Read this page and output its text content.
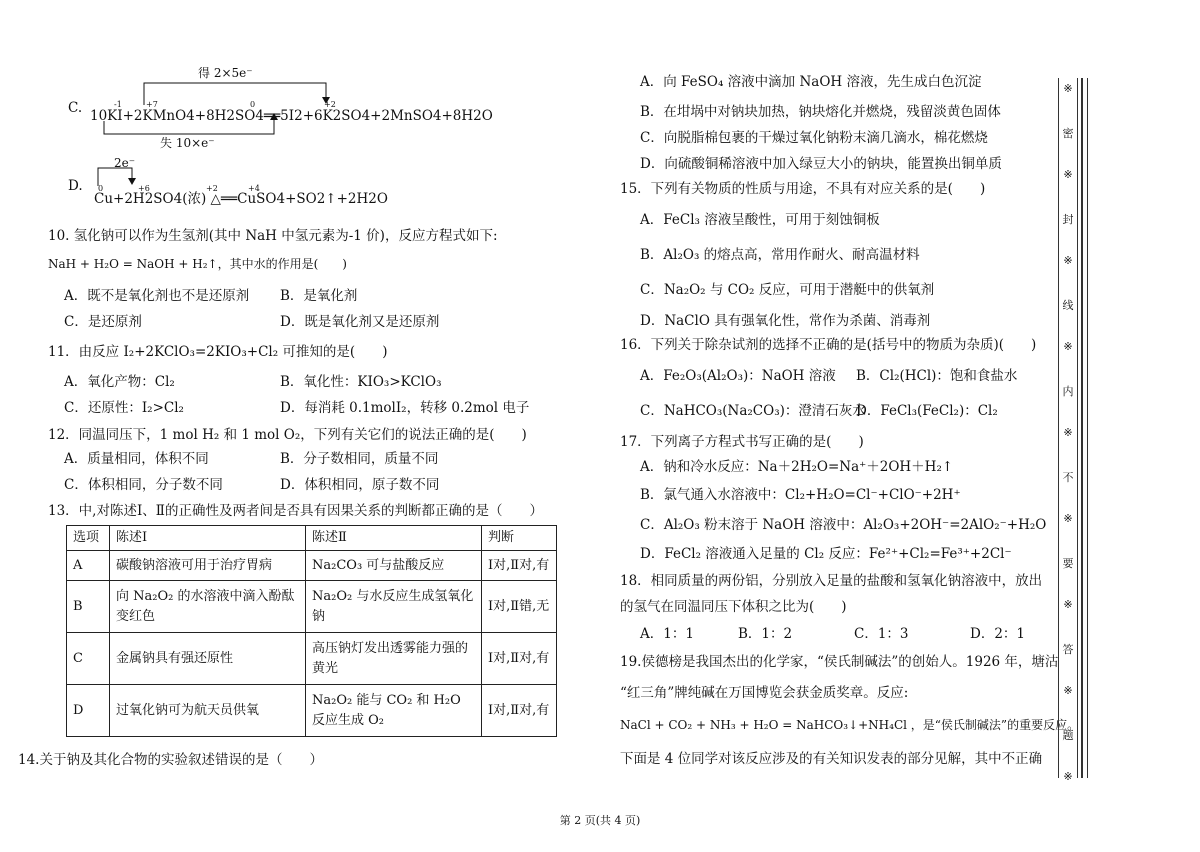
得 2×5e⁻
-1	+7	0	+2
C. 10KI+2KMnO4+8H2SO4══5I2+6K2SO4+2MnSO4+8H2O
失 10×e⁻
2e⁻
0	+6	+2	+4
D.
Cu+2H2SO4(浓) △══CuSO4+SO2↑+2H2O
10. 氢化钠可以作为生氢剂(其中 NaH 中氢元素为-1 价)，反应方程式如下:
NaH + H₂O = NaOH + H₂↑，其中水的作用是(　　)
A．既不是氧化剂也不是还原剂 B．是氧化剂
C．是还原剂	D．既是氧化剂又是还原剂
11．由反应 I₂+2KClO₃=2KIO₃+Cl₂ 可推知的是(　　)
A．氧化产物：Cl₂	B．氧化性：KIO₃>KClO₃
C．还原性：I₂>Cl₂	D．每消耗 0.1molI₂，转移 0.2mol 电子
12．同温同压下，1 mol H₂ 和 1 mol O₂，下列有关它们的说法正确的是(　　)
A．质量相同，体积不同	B．分子数相同，质量不同
C．体积相同，分子数不同	D．体积相同，原子数不同
13．中,对陈述Ⅰ、Ⅱ的正确性及两者间是否具有因果关系的判断都正确的是（　　）
选项	陈述Ⅰ	陈述Ⅱ	判断
A	碳酸钠溶液可用于治疗胃病	Na₂CO₃ 可与盐酸反应	Ⅰ对,Ⅱ对,有
B	向 Na₂O₂ 的水溶液中滴入酚酞变红色	Na₂O₂ 与水反应生成氢氧化钠	Ⅰ对,Ⅱ错,无
C	金属钠具有强还原性	高压钠灯发出透雾能力强的黄光	Ⅰ对,Ⅱ对,有
D	过氧化钠可为航天员供氧	Na₂O₂ 能与 CO₂ 和 H₂O 反应生成 O₂	Ⅰ对,Ⅱ对,有
14.关于钠及其化合物的实验叙述错误的是（　　）
A．向 FeSO₄ 溶液中滴加 NaOH 溶液，先生成白色沉淀
B．在坩埚中对钠块加热，钠块熔化并燃烧，残留淡黄色固体
C．向脱脂棉包裹的干燥过氧化钠粉末滴几滴水，棉花燃烧
D．向硫酸铜稀溶液中加入绿豆大小的钠块，能置换出铜单质
15．下列有关物质的性质与用途，不具有对应关系的是(　　)
A．FeCl₃ 溶液呈酸性，可用于刻蚀铜板
B．Al₂O₃ 的熔点高，常用作耐火、耐高温材料
C．Na₂O₂ 与 CO₂ 反应，可用于潜艇中的供氧剂
D．NaClO 具有强氧化性，常作为杀菌、消毒剂
16．下列关于除杂试剂的选择不正确的是(括号中的物质为杂质)(　　)
A．Fe₂O₃(Al₂O₃)：NaOH 溶液 B．Cl₂(HCl)：饱和食盐水
C．NaHCO₃(Na₂CO₃)：澄清石灰水
D．FeCl₃(FeCl₂)：Cl₂
17．下列离子方程式书写正确的是(　　)
A．钠和冷水反应：Na＋2H₂O=Na⁺＋2OH＋H₂↑
B．氯气通入水溶液中：Cl₂+H₂O=Cl⁻+ClO⁻+2H⁺
C．Al₂O₃ 粉末溶于 NaOH 溶液中：Al₂O₃+2OH⁻=2AlO₂⁻+H₂O
D．FeCl₂ 溶液通入足量的 Cl₂ 反应：Fe²⁺+Cl₂=Fe³⁺+2Cl⁻
18．相同质量的两份铝，分别放入足量的盐酸和氢氧化钠溶液中，放出
的氢气在同温同压下体积之比为(　　)
A．1：1	B．1：2	C．1：3	D．2：1
19.侯德榜是我国杰出的化学家，“侯氏制碱法”的创始人。1926 年，塘沽
“红三角”牌纯碱在万国博览会获金质奖章。反应:
NaCl + CO₂ + NH₃ + H₂O = NaHCO₃↓+NH₄Cl ，是“侯氏制碱法”的重要反应。
下面是 4 位同学对该反应涉及的有关知识发表的部分见解，其中不正确
※
密
※
封
※
线
※
内
※
不
※
要
※
答
※
题
※
第 2 页(共 4 页)
